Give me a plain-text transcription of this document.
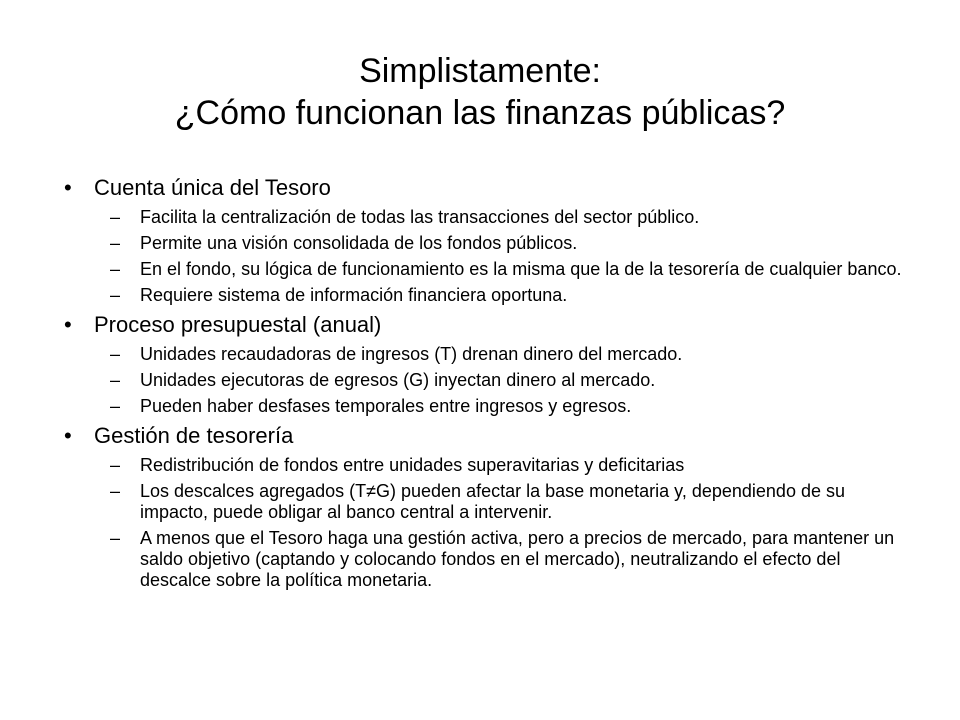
Simplistamente:
¿Cómo funcionan las finanzas públicas?
• Cuenta única del Tesoro
– Facilita la centralización de todas las transacciones del sector público.
– Permite una visión consolidada de los fondos públicos.
– En el fondo, su lógica de funcionamiento es la misma que la de la tesorería de cualquier banco.
– Requiere sistema de información financiera oportuna.
• Proceso presupuestal (anual)
– Unidades recaudadoras de ingresos (T) drenan dinero del mercado.
– Unidades ejecutoras de egresos (G) inyectan dinero al mercado.
– Pueden haber desfases temporales entre ingresos y egresos.
• Gestión de tesorería
– Redistribución de fondos entre unidades superavitarias y deficitarias
– Los descalces agregados (T≠G) pueden afectar la base monetaria y, dependiendo de su impacto, puede obligar al banco central a intervenir.
– A menos que el Tesoro haga una gestión activa, pero a precios de mercado, para mantener un saldo objetivo (captando y colocando fondos en el mercado), neutralizando el efecto del descalce sobre la política monetaria.
